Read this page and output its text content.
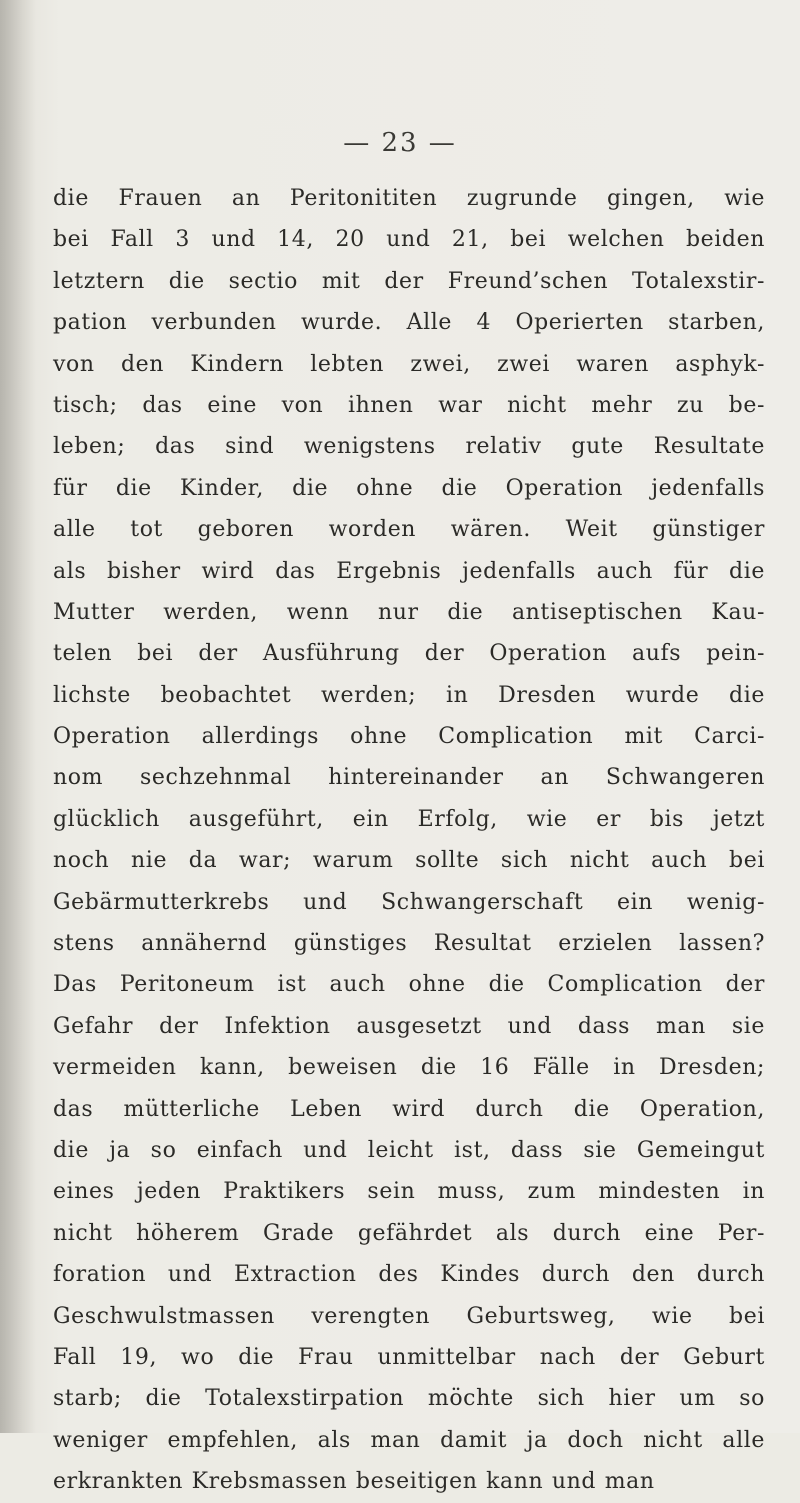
— 23 —
die Frauen an Peritonititen zugrunde gingen, wie
bei Fall 3 und 14, 20 und 21, bei welchen beiden
letztern die sectio mit der Freund’schen Totalexstir-
pation verbunden wurde. Alle 4 Operierten starben,
von den Kindern lebten zwei, zwei waren asphyk-
tisch; das eine von ihnen war nicht mehr zu be-
leben; das sind wenigstens relativ gute Resultate
für die Kinder, die ohne die Operation jedenfalls
alle tot geboren worden wären. Weit günstiger
als bisher wird das Ergebnis jedenfalls auch für die
Mutter werden, wenn nur die antiseptischen Kau-
telen bei der Ausführung der Operation aufs pein-
lichste beobachtet werden; in Dresden wurde die
Operation allerdings ohne Complication mit Carci-
nom sechzehnmal hintereinander an Schwangeren
glücklich ausgeführt, ein Erfolg, wie er bis jetzt
noch nie da war; warum sollte sich nicht auch bei
Gebärmutterkrebs und Schwangerschaft ein wenig-
stens annähernd günstiges Resultat erzielen lassen?
Das Peritoneum ist auch ohne die Complication der
Gefahr der Infektion ausgesetzt und dass man sie
vermeiden kann, beweisen die 16 Fälle in Dresden;
das mütterliche Leben wird durch die Operation,
die ja so einfach und leicht ist, dass sie Gemeingut
eines jeden Praktikers sein muss, zum mindesten in
nicht höherem Grade gefährdet als durch eine Per-
foration und Extraction des Kindes durch den durch
Geschwulstmassen verengten Geburtsweg, wie bei
Fall 19, wo die Frau unmittelbar nach der Geburt
starb; die Totalexstirpation möchte sich hier um so
weniger empfehlen, als man damit ja doch nicht alle
erkrankten Krebsmassen beseitigen kann und man
